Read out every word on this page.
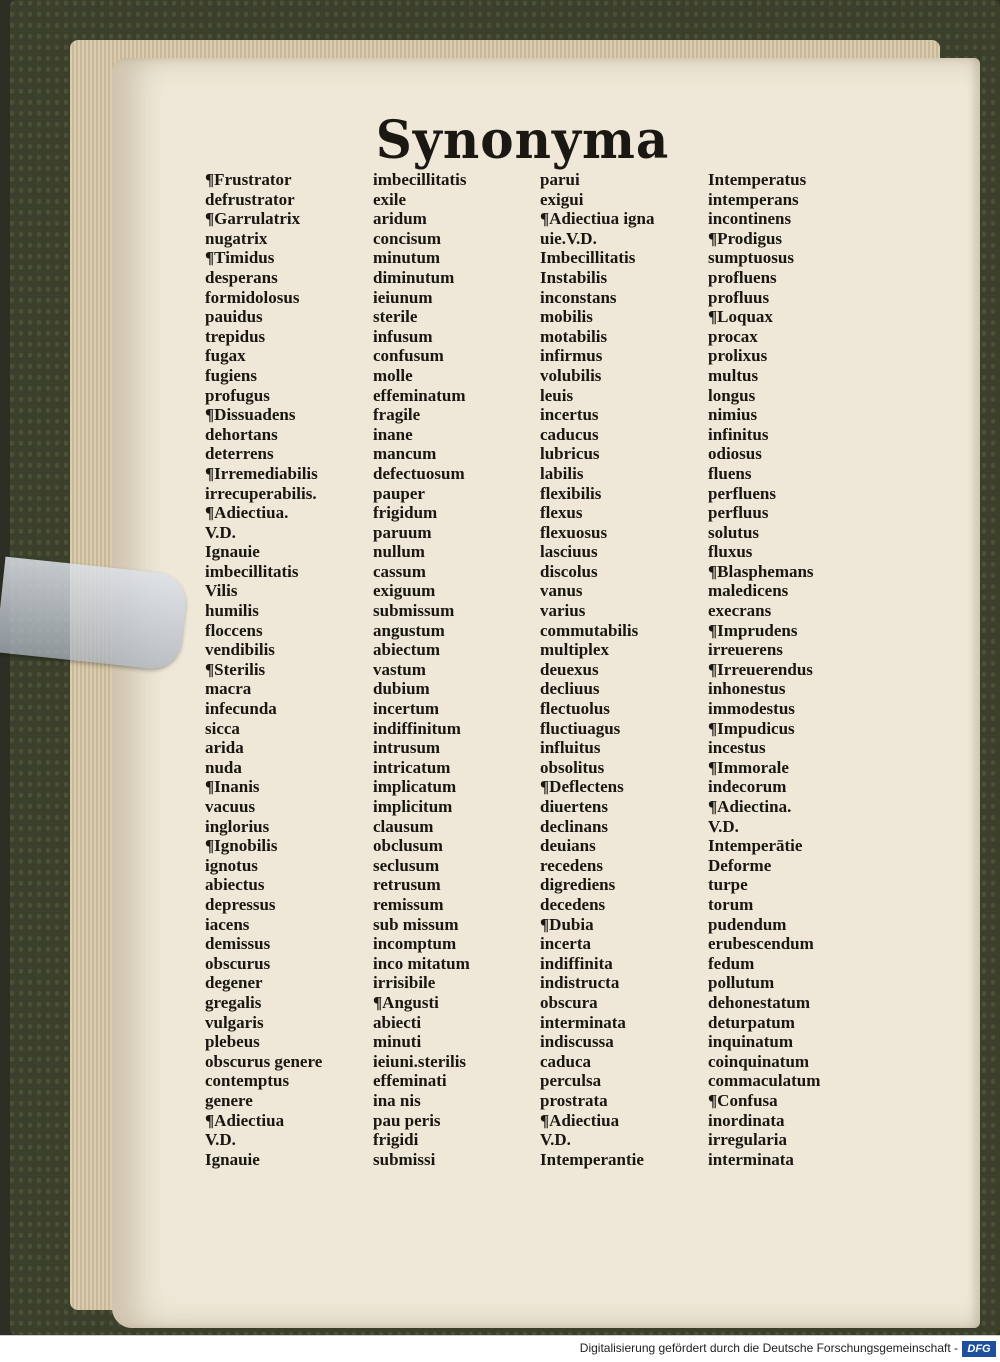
Synonyma
¶Frustrator
defrustrator
¶Garrulatrix
nugatrix
¶Timidus
desperans
formidolosus
pauidus
trepidus
fugax
fugiens
profugus
¶Dissuadens
dehortans
deterrens
¶Irremediabilis
irrecuperabilis.
¶Adiectiua.
V.D.
Ignauie
imbecillitatis
Vilis
humilis
floccens
vendibilis
¶Sterilis
macra
infecunda
sicca
arida
nuda
¶Inanis
vacuus
inglorius
¶Ignobilis
ignotus
abiectus
depressus
iacens
demissus
obscurus
degener
gregalis
vulgaris
plebeus
obscurus genere
contemptus
genere
¶Adiectiua
V.D.
Ignauie
imbecillitatis
exile
aridum
concisum
minutum
diminutum
ieiunum
sterile
infusum
confusum
molle
effeminatum
fragile
inane
mancum
defectuosum
pauper
frigidum
paruum
nullum
cassum
exiguum
submissum
angustum
abiectum
vastum
dubium
incertum
indiffinitum
intrusum
intricatum
implicatum
implicitum
clausum
obclusum
seclusum
retrusum
remissum
sub missum
incomptum
inco mitatum
irrisibile
¶Angusti
abiecti
minuti
ieiuni.sterilis
effeminati
ina nis
pau peris
frigidi
submissi
parui
exigui
¶Adiectiua igna
uie.V.D.
Imbecillitatis
Instabilis
inconstans
mobilis
motabilis
infirmus
volubilis
leuis
incertus
caducus
lubricus
labilis
flexibilis
flexus
flexuosus
lasciuus
discolus
vanus
varius
commutabilis
multiplex
deuexus
decliuus
flectuolus
fluctiuagus
influitus
obsolitus
¶Deflectens
diuertens
declinans
deuians
recedens
digrediens
decedens
¶Dubia
incerta
indiffinita
indistructa
obscura
interminata
indiscussa
caduca
perculsa
prostrata
¶Adiectiua
V.D.
Intemperantie
Intemperatus
intemperans
incontinens
¶Prodigus
sumptuosus
profluens
profluus
¶Loquax
procax
prolixus
multus
longus
nimius
infinitus
odiosus
fluens
perfluens
perfluus
solutus
fluxus
¶Blasphemans
maledicens
execrans
¶Imprudens
irreuerens
¶Irreuerendus
inhonestus
immodestus
¶Impudicus
incestus
¶Immorale
indecorum
¶Adiectina.
V.D.
Intemperātie
Deforme
turpe
torum
pudendum
erubescendum
fedum
pollutum
dehonestatum
deturpatum
inquinatum
coinquinatum
commaculatum
¶Confusa
inordinata
irregularia
interminata
Digitalisierung gefördert durch die Deutsche Forschungsgemeinschaft - DFG
